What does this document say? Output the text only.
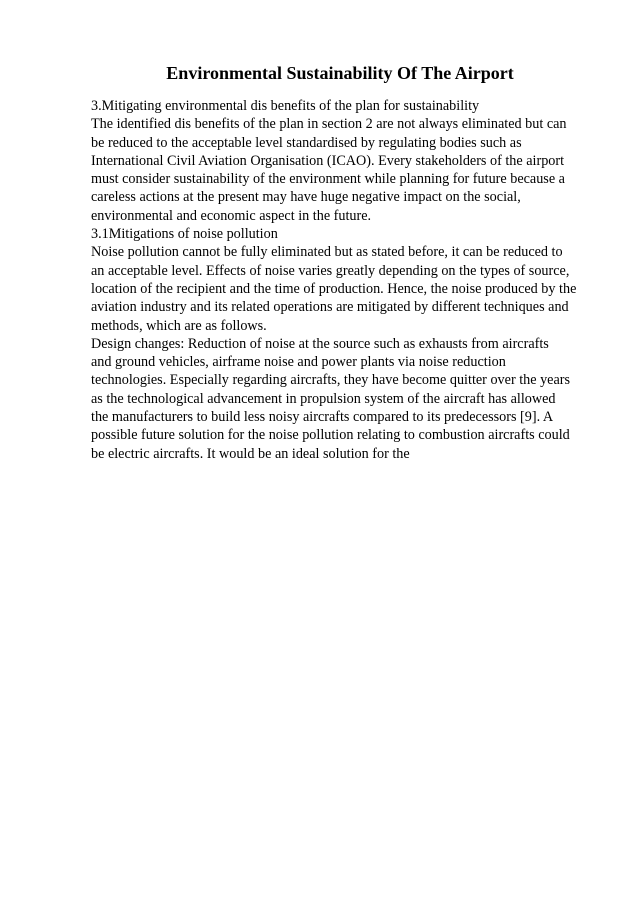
Environmental Sustainability Of The Airport
3.Mitigating environmental dis benefits of the plan for sustainability
The identified dis benefits of the plan in section 2 are not always eliminated but can
be reduced to the acceptable level standardised by regulating bodies such as
International Civil Aviation Organisation (ICAO). Every stakeholders of the airport
must consider sustainability of the environment while planning for future because a
careless actions at the present may have huge negative impact on the social,
environmental and economic aspect in the future.
3.1Mitigations of noise pollution
Noise pollution cannot be fully eliminated but as stated before, it can be reduced to
an acceptable level. Effects of noise varies greatly depending on the types of source,
location of the recipient and the time of production. Hence, the noise produced by the
aviation industry and its related operations are mitigated by different techniques and
methods, which are as follows.
Design changes: Reduction of noise at the source such as exhausts from aircrafts
and ground vehicles, airframe noise and power plants via noise reduction
technologies. Especially regarding aircrafts, they have become quitter over the years
as the technological advancement in propulsion system of the aircraft has allowed
the manufacturers to build less noisy aircrafts compared to its predecessors [9]. A
possible future solution for the noise pollution relating to combustion aircrafts could
be electric aircrafts. It would be an ideal solution for the
